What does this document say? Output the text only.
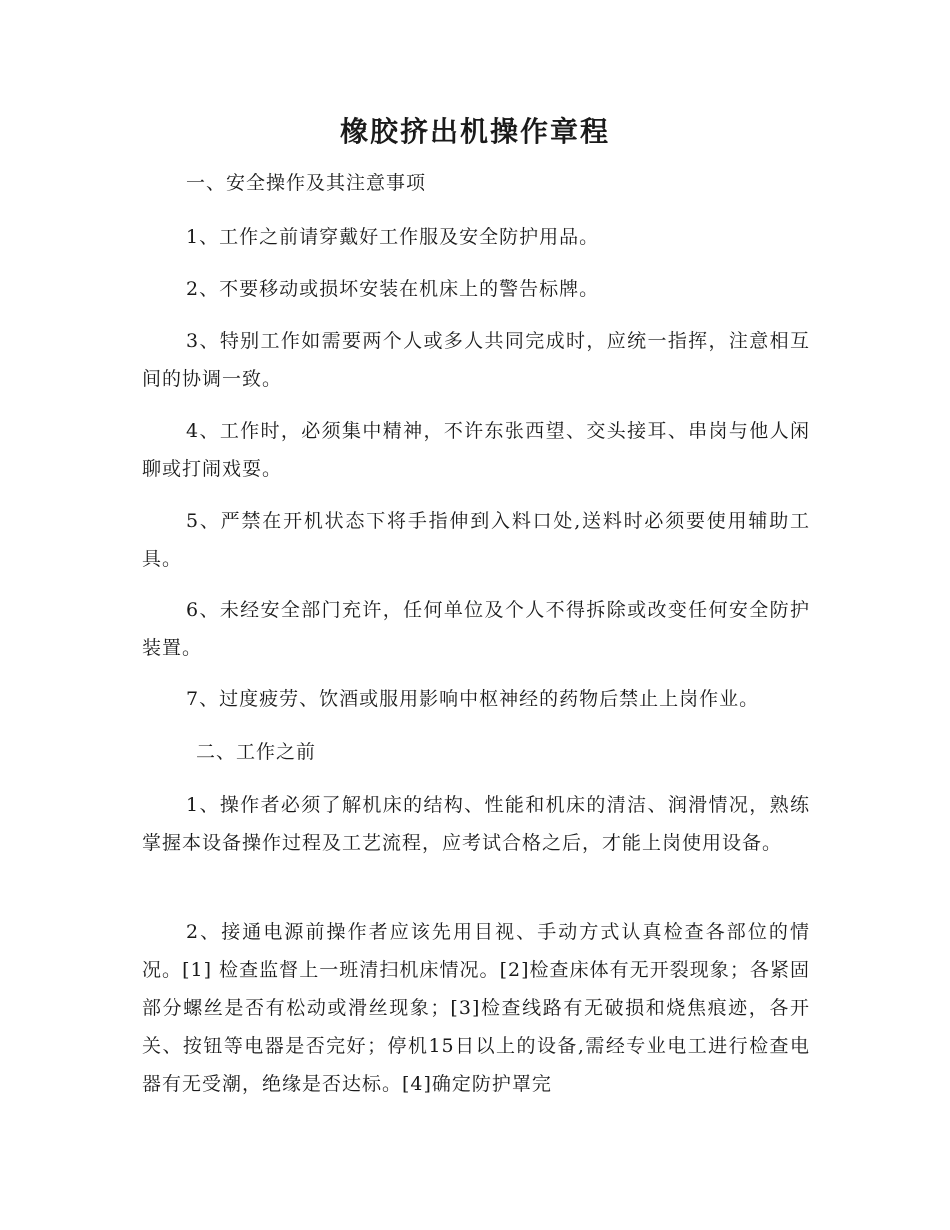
橡胶挤出机操作章程

一、安全操作及其注意事项

1、工作之前请穿戴好工作服及安全防护用品。

2、不要移动或损坏安装在机床上的警告标牌。

3、特别工作如需要两个人或多人共同完成时，应统一指挥，注意相互间的协调一致。

4、工作时，必须集中精神，不许东张西望、交头接耳、串岗与他人闲聊或打闹戏耍。

5、严禁在开机状态下将手指伸到入料口处,送料时必须要使用辅助工具。

6、未经安全部门充许，任何单位及个人不得拆除或改变任何安全防护装置。

7、过度疲劳、饮酒或服用影响中枢神经的药物后禁止上岗作业。

二、工作之前

1、操作者必须了解机床的结构、性能和机床的清洁、润滑情况，熟练掌握本设备操作过程及工艺流程，应考试合格之后，才能上岗使用设备。

2、接通电源前操作者应该先用目视、手动方式认真检查各部位的情况。[1] 检查监督上一班清扫机床情况。[2]检查床体有无开裂现象；各紧固部分螺丝是否有松动或滑丝现象；[3]检查线路有无破损和烧焦痕迹，各开关、按钮等电器是否完好；停机15日以上的设备,需经专业电工进行检查电器有无受潮，绝缘是否达标。[4]确定防护罩完
